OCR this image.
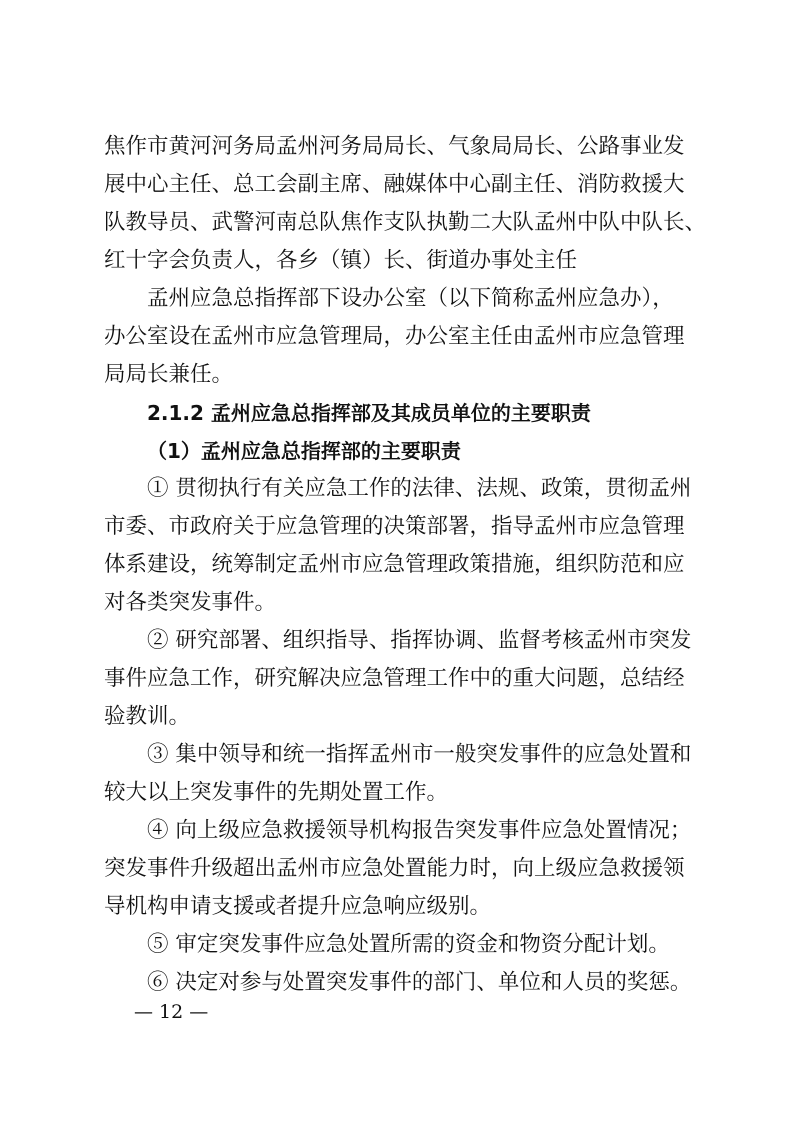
焦作市黄河河务局孟州河务局局长、气象局局长、公路事业发
展中心主任、总工会副主席、融媒体中心副主任、消防救援大
队教导员、武警河南总队焦作支队执勤二大队孟州中队中队长、
红十字会负责人，各乡（镇）长、街道办事处主任
孟州应急总指挥部下设办公室（以下简称孟州应急办），
办公室设在孟州市应急管理局，办公室主任由孟州市应急管理
局局长兼任。
2.1.2 孟州应急总指挥部及其成员单位的主要职责
（1）孟州应急总指挥部的主要职责
① 贯彻执行有关应急工作的法律、法规、政策，贯彻孟州
市委、市政府关于应急管理的决策部署，指导孟州市应急管理
体系建设，统筹制定孟州市应急管理政策措施，组织防范和应
对各类突发事件。
② 研究部署、组织指导、指挥协调、监督考核孟州市突发
事件应急工作，研究解决应急管理工作中的重大问题，总结经
验教训。
③ 集中领导和统一指挥孟州市一般突发事件的应急处置和
较大以上突发事件的先期处置工作。
④ 向上级应急救援领导机构报告突发事件应急处置情况；
突发事件升级超出孟州市应急处置能力时，向上级应急救援领
导机构申请支援或者提升应急响应级别。
⑤ 审定突发事件应急处置所需的资金和物资分配计划。
⑥ 决定对参与处置突发事件的部门、单位和人员的奖惩。
— 12 —
